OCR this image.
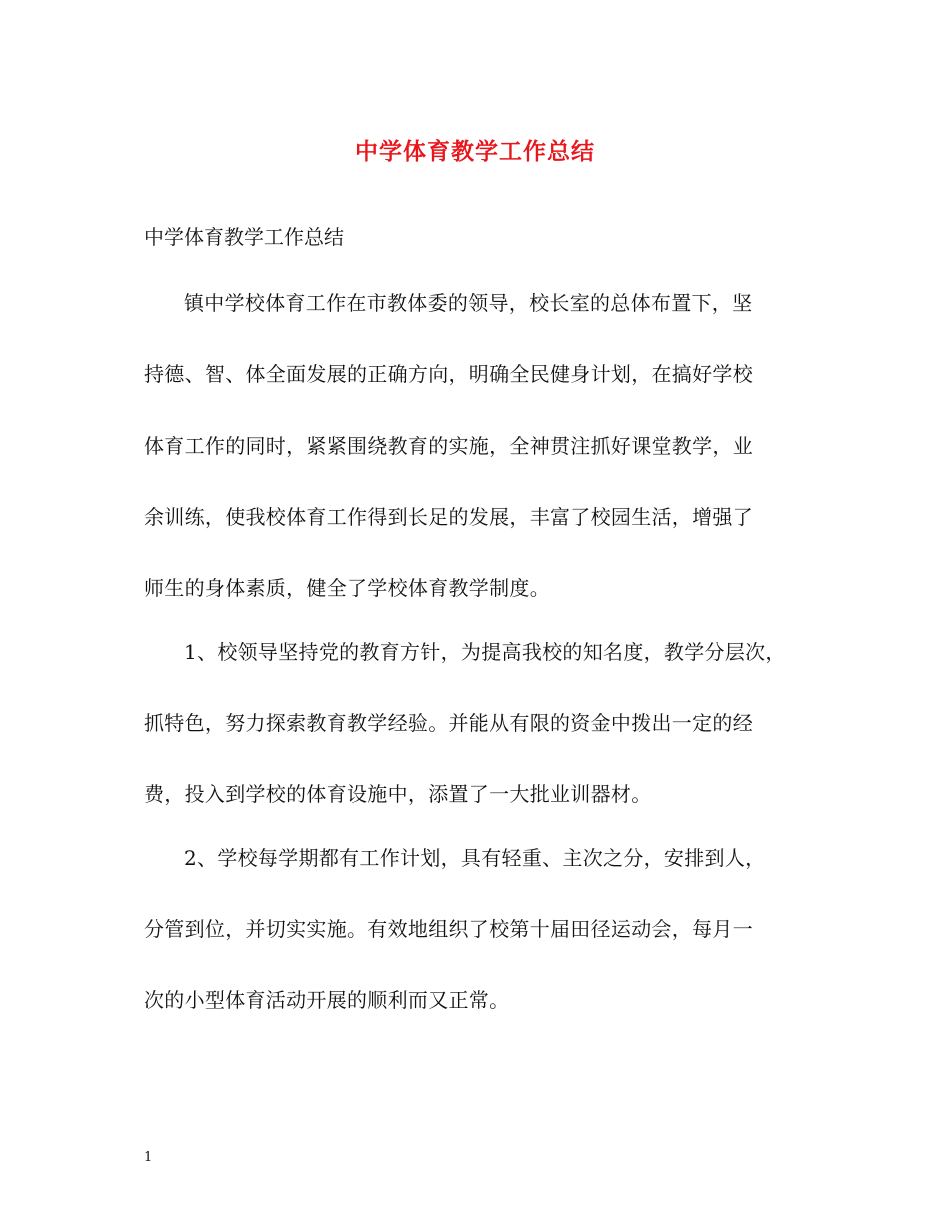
中学体育教学工作总结
中学体育教学工作总结
镇中学校体育工作在市教体委的领导，校长室的总体布置下，坚
持德、智、体全面发展的正确方向，明确全民健身计划，在搞好学校
体育工作的同时，紧紧围绕教育的实施，全神贯注抓好课堂教学，业
余训练，使我校体育工作得到长足的发展，丰富了校园生活，增强了
师生的身体素质，健全了学校体育教学制度。
1、校领导坚持党的教育方针，为提高我校的知名度，教学分层次，
抓特色，努力探索教育教学经验。并能从有限的资金中拨出一定的经
费，投入到学校的体育设施中，添置了一大批业训器材。
2、学校每学期都有工作计划，具有轻重、主次之分，安排到人，
分管到位，并切实实施。有效地组织了校第十届田径运动会，每月一
次的小型体育活动开展的顺利而又正常。
1
